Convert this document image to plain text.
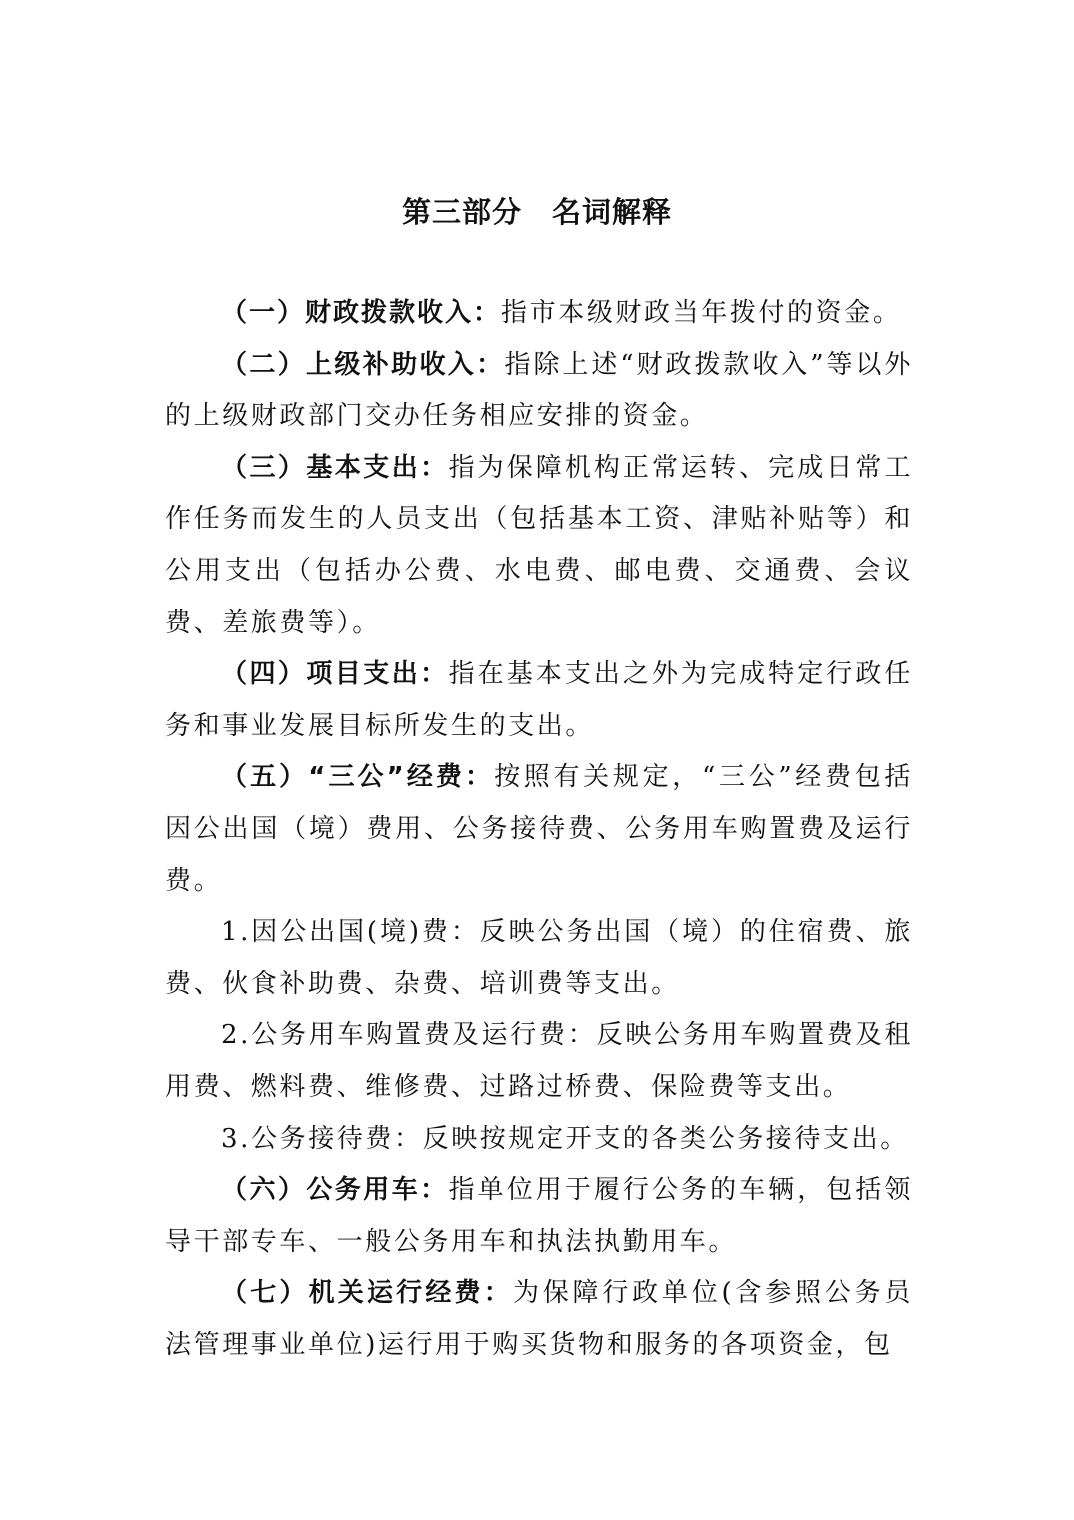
第三部分　名词解释

（一）财政拨款收入：指市本级财政当年拨付的资金。

（二）上级补助收入：指除上述“财政拨款收入”等以外的上级财政部门交办任务相应安排的资金。

（三）基本支出：指为保障机构正常运转、完成日常工作任务而发生的人员支出（包括基本工资、津贴补贴等）和公用支出（包括办公费、水电费、邮电费、交通费、会议费、差旅费等）。

（四）项目支出：指在基本支出之外为完成特定行政任务和事业发展目标所发生的支出。

（五）“三公”经费：按照有关规定，“三公”经费包括因公出国（境）费用、公务接待费、公务用车购置费及运行费。

1.因公出国(境)费：反映公务出国（境）的住宿费、旅费、伙食补助费、杂费、培训费等支出。

2.公务用车购置费及运行费：反映公务用车购置费及租用费、燃料费、维修费、过路过桥费、保险费等支出。

3.公务接待费：反映按规定开支的各类公务接待支出。

（六）公务用车：指单位用于履行公务的车辆，包括领导干部专车、一般公务用车和执法执勤用车。

（七）机关运行经费：为保障行政单位(含参照公务员法管理事业单位)运行用于购买货物和服务的各项资金，包
